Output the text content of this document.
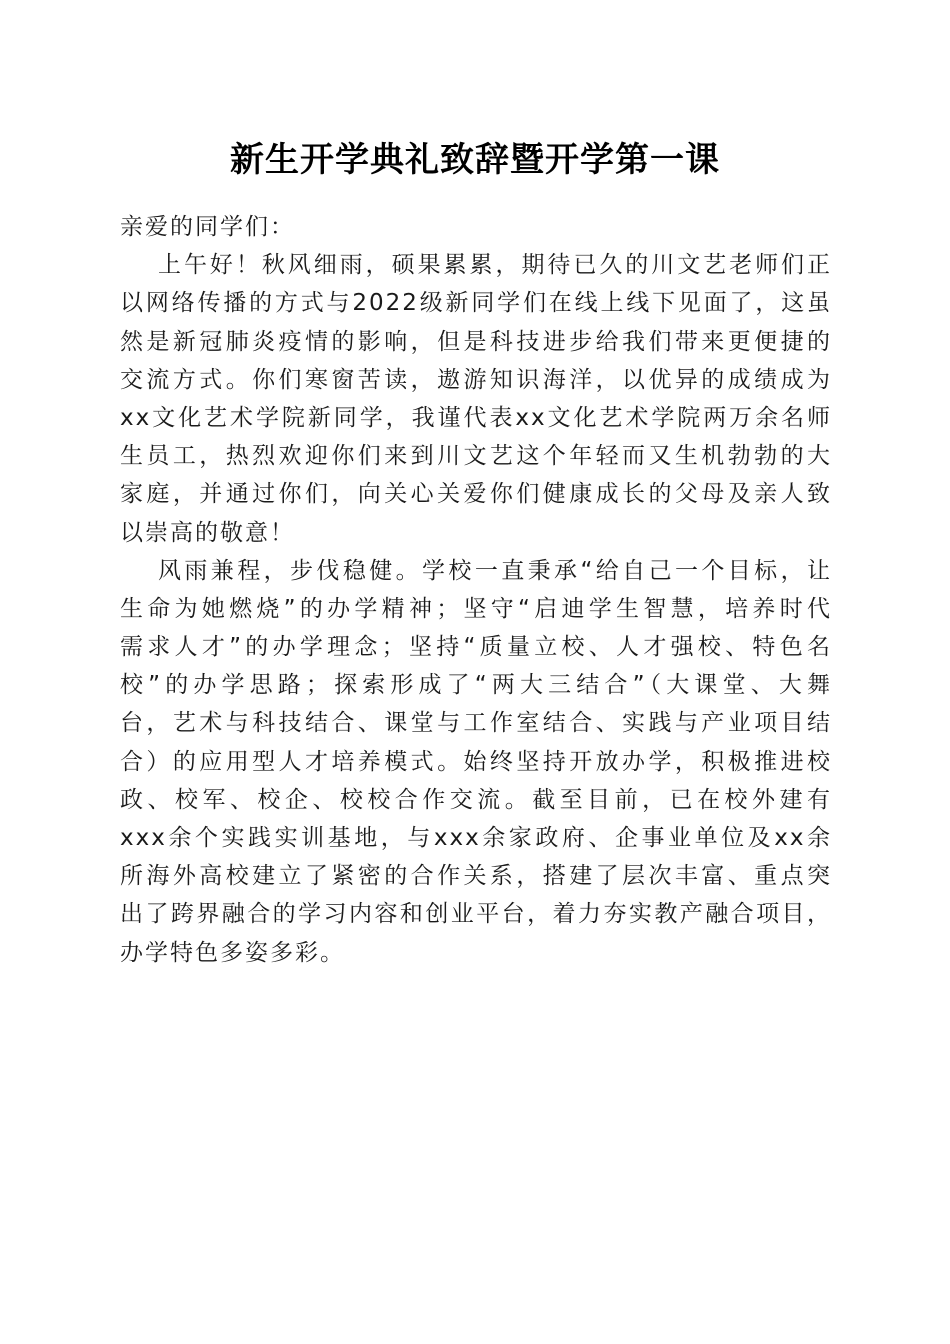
新生开学典礼致辞暨开学第一课
亲爱的同学们：
上午好！秋风细雨，硕果累累，期待已久的川文艺老师们正
以网络传播的方式与2022级新同学们在线上线下见面了，这虽
然是新冠肺炎疫情的影响，但是科技进步给我们带来更便捷的
交流方式。你们寒窗苦读，遨游知识海洋，以优异的成绩成为
xx文化艺术学院新同学，我谨代表xx文化艺术学院两万余名师
生员工，热烈欢迎你们来到川文艺这个年轻而又生机勃勃的大
家庭，并通过你们，向关心关爱你们健康成长的父母及亲人致
以崇高的敬意！
风雨兼程，步伐稳健。学校一直秉承“给自己一个目标，让
生命为她燃烧”的办学精神；坚守“启迪学生智慧，培养时代
需求人才”的办学理念；坚持“质量立校、人才强校、特色名
校”的办学思路；探索形成了“两大三结合”（大课堂、大舞
台，艺术与科技结合、课堂与工作室结合、实践与产业项目结
合）的应用型人才培养模式。始终坚持开放办学，积极推进校
政、校军、校企、校校合作交流。截至目前，已在校外建有
xxx余个实践实训基地，与xxx余家政府、企事业单位及xx余
所海外高校建立了紧密的合作关系，搭建了层次丰富、重点突
出了跨界融合的学习内容和创业平台，着力夯实教产融合项目，
办学特色多姿多彩。
